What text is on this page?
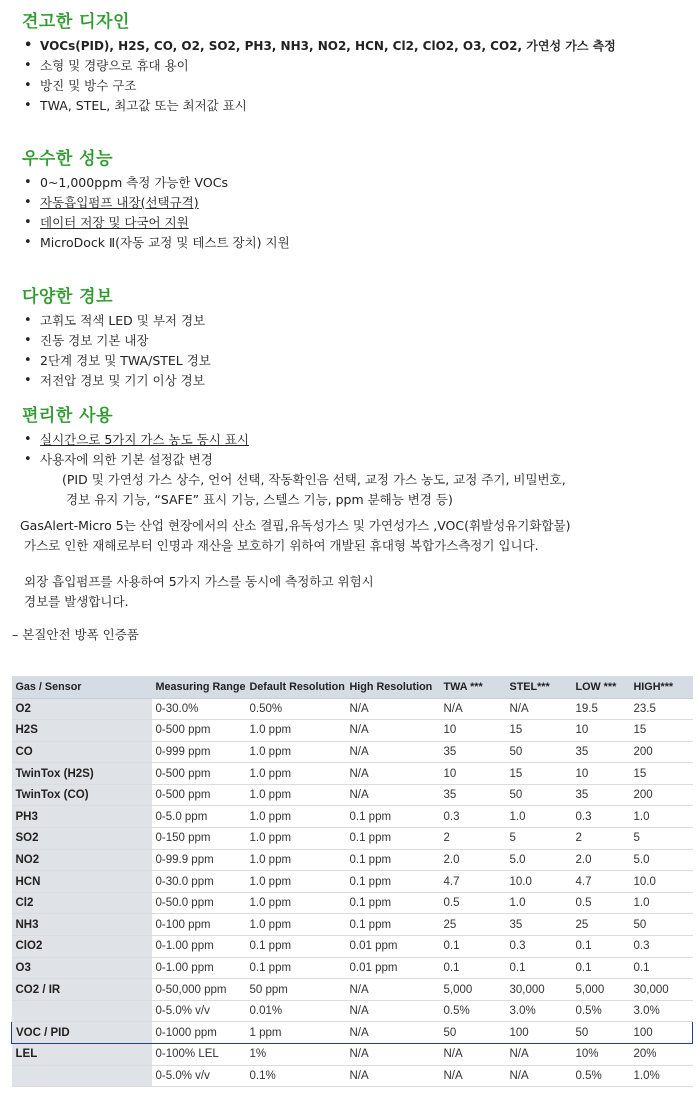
견고한 디자인
• VOCs(PID), H2S, CO, O2, SO2, PH3, NH3, NO2, HCN, Cl2, ClO2, O3, CO2, 가연성 가스 측정
• 소형 및 경량으로 휴대 용이
• 방진 및 방수 구조
• TWA, STEL, 최고값 또는 최저값 표시
우수한 성능
• 0~1,000ppm 측정 가능한 VOCs
• 자동흡입펌프 내장(선택규격)
• 데이터 저장 및 다국어 지원
• MicroDock Ⅱ(자동 교정 및 테스트 장치) 지원
다양한 경보
• 고휘도 적색 LED 및 부저 경보
• 진동 경보 기본 내장
• 2단계 경보 및 TWA/STEL 경보
• 저전압 경보 및 기기 이상 경보
편리한 사용
• 실시간으로 5가지 가스 농도 동시 표시
• 사용자에 의한 기본 설정값 변경
(PID 및 가연성 가스 상수, 언어 선택, 작동확인음 선택, 교정 가스 농도, 교정 주기, 비밀번호,
경보 유지 기능, “SAFE” 표시 기능, 스텔스 기능, ppm 분해능 변경 등)
GasAlert-Micro 5는 산업 현장에서의 산소 결핍,유독성가스 및 가연성가스 ,VOC(휘발성유기화합물)
가스로 인한 재해로부터 인명과 재산을 보호하기 위하여 개발된 휴대형 복합가스측정기 입니다.
외장 흡입펌프를 사용하여 5가지 가스를 동시에 측정하고 위험시
경보를 발생합니다.
– 본질안전 방폭 인증품
Gas / Sensor	Measuring Range	Default Resolution	High Resolution	TWA ***	STEL***	LOW ***	HIGH***
O2	0-30.0%	0.50%	N/A	N/A	N/A	19.5	23.5
H2S	0-500 ppm	1.0 ppm	N/A	10	15	10	15
CO	0-999 ppm	1.0 ppm	N/A	35	50	35	200
TwinTox (H2S)	0-500 ppm	1.0 ppm	N/A	10	15	10	15
TwinTox (CO)	0-500 ppm	1.0 ppm	N/A	35	50	35	200
PH3	0-5.0 ppm	1.0 ppm	0.1 ppm	0.3	1.0	0.3	1.0
SO2	0-150 ppm	1.0 ppm	0.1 ppm	2	5	2	5
NO2	0-99.9 ppm	1.0 ppm	0.1 ppm	2.0	5.0	2.0	5.0
HCN	0-30.0 ppm	1.0 ppm	0.1 ppm	4.7	10.0	4.7	10.0
Cl2	0-50.0 ppm	1.0 ppm	0.1 ppm	0.5	1.0	0.5	1.0
NH3	0-100 ppm	1.0 ppm	0.1 ppm	25	35	25	50
ClO2	0-1.00 ppm	0.1 ppm	0.01 ppm	0.1	0.3	0.1	0.3
O3	0-1.00 ppm	0.1 ppm	0.01 ppm	0.1	0.1	0.1	0.1
CO2 / IR	0-50,000 ppm	50 ppm	N/A	5,000	30,000	5,000	30,000
	0-5.0% v/v	0.01%	N/A	0.5%	3.0%	0.5%	3.0%
VOC / PID	0-1000 ppm	1 ppm	N/A	50	100	50	100
LEL	0-100% LEL	1%	N/A	N/A	N/A	10%	20%
	0-5.0% v/v	0.1%	N/A	N/A	N/A	0.5%	1.0%
